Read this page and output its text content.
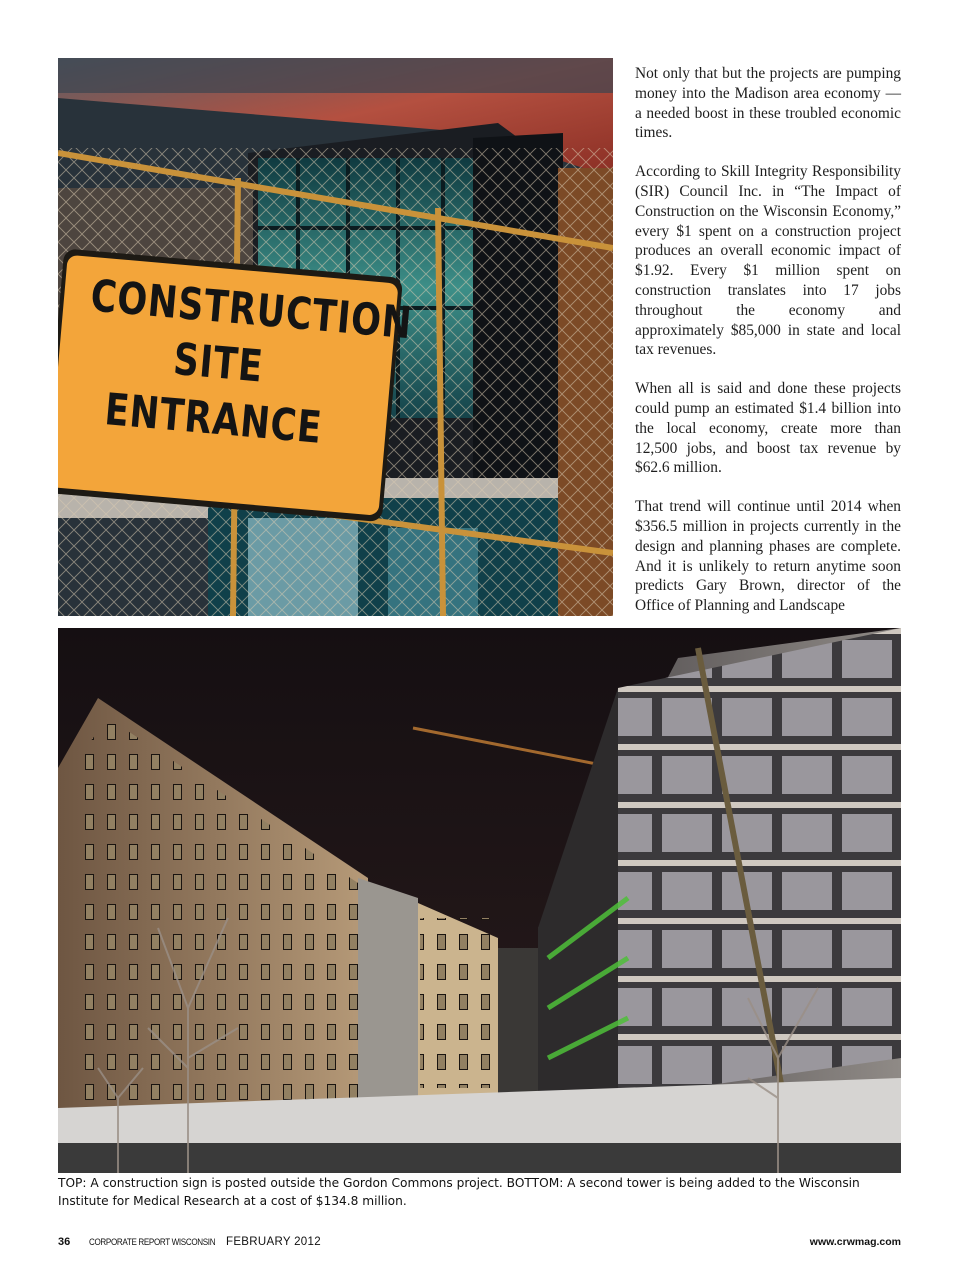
CONSTRUCTION
SITE
ENTRANCE

Not only that but the projects are pumping money into the Madison area economy — a needed boost in these troubled economic times.

According to Skill Integrity Responsibility (SIR) Council Inc. in “The Impact of Construction on the Wisconsin Economy,” every $1 spent on a construction project produces an overall economic impact of $1.92. Every $1 million spent on construction translates into 17 jobs throughout the economy and approximately $85,000 in state and local tax revenues.

When all is said and done these projects could pump an estimated $1.4 billion into the local economy, create more than 12,500 jobs, and boost tax revenue by $62.6 million.

That trend will continue until 2014 when $356.5 million in projects currently in the design and planning phases are complete. And it is unlikely to return anytime soon predicts Gary Brown, director of the Office of Planning and Landscape

TOP: A construction sign is posted outside the Gordon Commons project. BOTTOM: A second tower is being added to the Wisconsin Institute for Medical Research at a cost of $134.8 million.
36 CORPORATE REPORT WISCONSIN FEBRUARY 2012	www.crwmag.com
